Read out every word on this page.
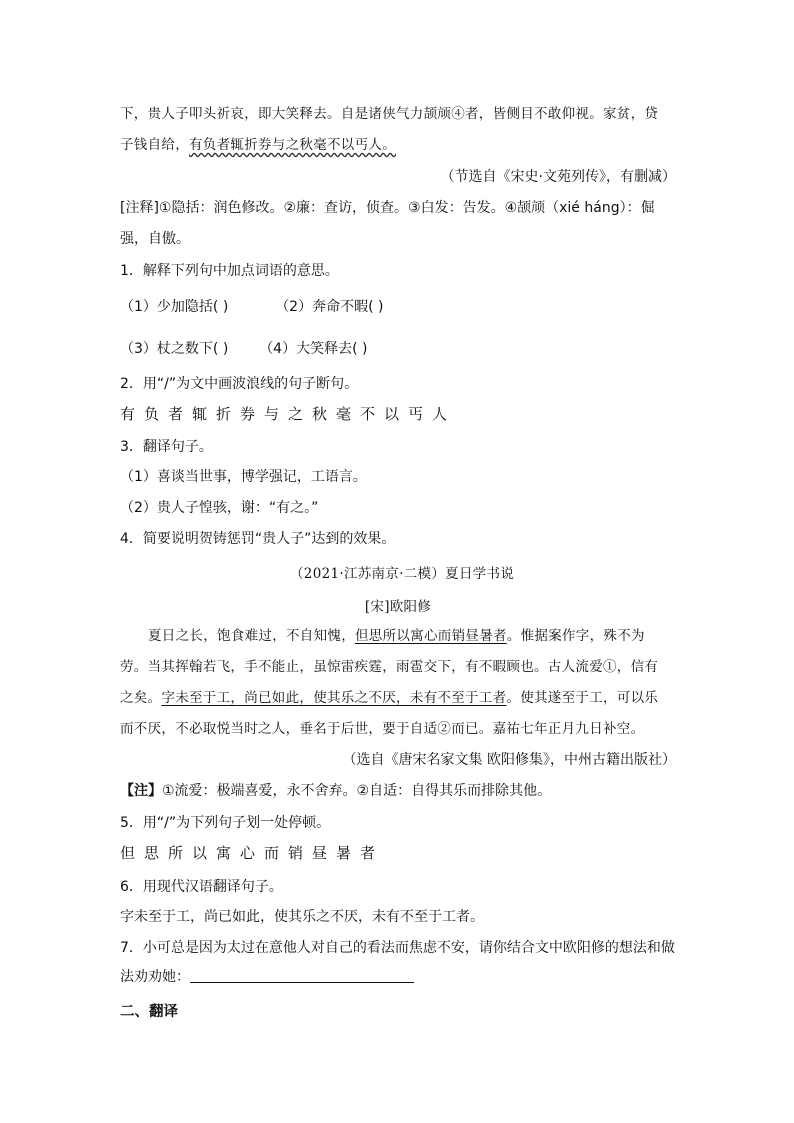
下，贵人子叩头祈哀，即大笑释去。自是诸侠气力颉颃④者，皆侧目不敢仰视。家贫，贷
子钱自给，有负者辄折券与之秋毫不以丐人。
（节选自《宋史·文苑列传》，有删减）
[注释]①隐括：润色修改。②廉：查访，侦查。③白发：告发。④颉颃（xié háng）：倔
强，自傲。
1．解释下列句中加点词语的意思。
（1）少加隐括( )	（2）奔命不暇( )
（3）杖之数下( ) （4）大笑释去( )
2．用“/”为文中画波浪线的句子断句。
有负者辄折券与之秋毫不以丐人
3．翻译句子。
（1）喜谈当世事，博学强记，工语言。
（2）贵人子惶骇，谢：“有之。”
4．简要说明贺铸惩罚“贵人子”达到的效果。
（2021·江苏南京·二模）夏日学书说
[宋]欧阳修
夏日之长，饱食难过，不自知愧，但思所以寓心而销昼暑者。惟据案作字，殊不为
劳。当其挥翰若飞，手不能止，虽惊雷疾霆，雨雹交下，有不暇顾也。古人流爱①，信有
之矣。字未至于工，尚已如此，使其乐之不厌，未有不至于工者。使其遂至于工，可以乐
而不厌，不必取悦当时之人，垂名于后世，要于自适②而已。嘉祐七年正月九日补空。
（选自《唐宋名家文集 欧阳修集》，中州古籍出版社）
【注】①流爱：极端喜爱，永不舍弃。②自适：自得其乐而排除其他。
5．用“/”为下列句子划一处停顿。
但思所以寓心而销昼暑者
6．用现代汉语翻译句子。
字未至于工，尚已如此，使其乐之不厌，未有不至于工者。
7．小可总是因为太过在意他人对自己的看法而焦虑不安，请你结合文中欧阳修的想法和做
法劝劝她：
二、翻译
